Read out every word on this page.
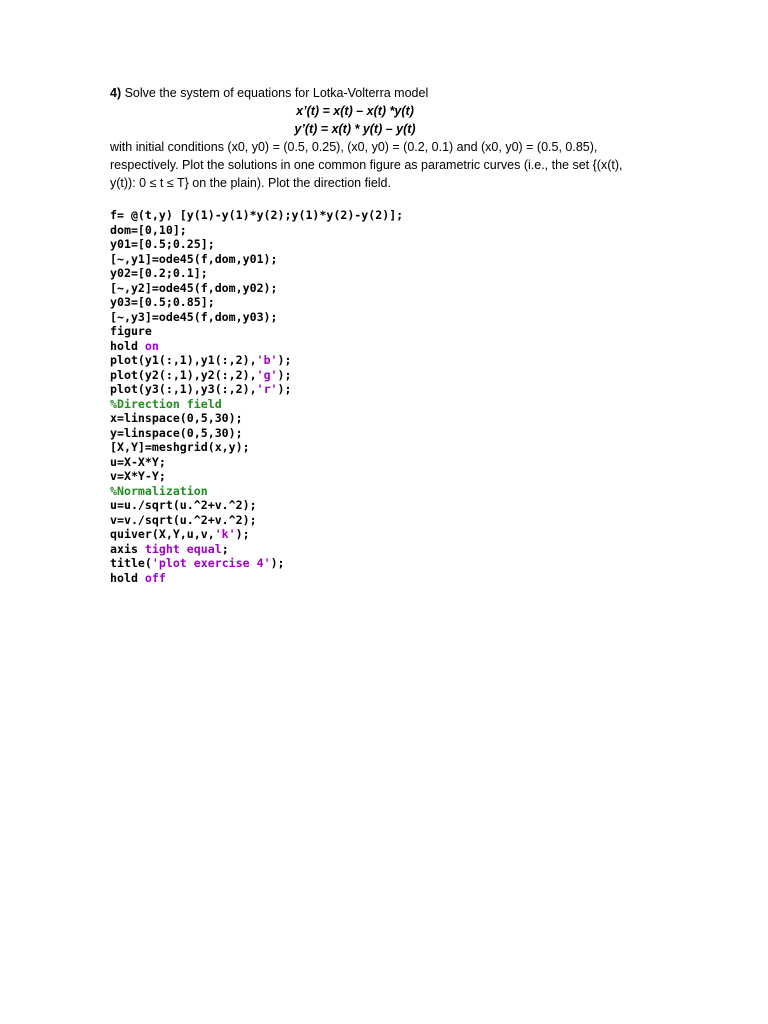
4) Solve the system of equations for Lotka-Volterra model
x’(t) = x(t) – x(t) *y(t)
y’(t) = x(t) * y(t) – y(t)
with initial conditions (x0, y0) = (0.5, 0.25), (x0, y0) = (0.2, 0.1) and (x0, y0) = (0.5, 0.85),
respectively. Plot the solutions in one common figure as parametric curves (i.e., the set {(x(t),
y(t)): 0 ≤ t ≤ T} on the plain). Plot the direction field.
f= @(t,y) [y(1)-y(1)*y(2);y(1)*y(2)-y(2)];
dom=[0,10];
y01=[0.5;0.25];
[~,y1]=ode45(f,dom,y01);
y02=[0.2;0.1];
[~,y2]=ode45(f,dom,y02);
y03=[0.5;0.85];
[~,y3]=ode45(f,dom,y03);
figure
hold on
plot(y1(:,1),y1(:,2),'b');
plot(y2(:,1),y2(:,2),'g');
plot(y3(:,1),y3(:,2),'r');
%Direction field
x=linspace(0,5,30);
y=linspace(0,5,30);
[X,Y]=meshgrid(x,y);
u=X-X*Y;
v=X*Y-Y;
%Normalization
u=u./sqrt(u.^2+v.^2);
v=v./sqrt(u.^2+v.^2);
quiver(X,Y,u,v,'k');
axis tight equal;
title('plot exercise 4');
hold off
